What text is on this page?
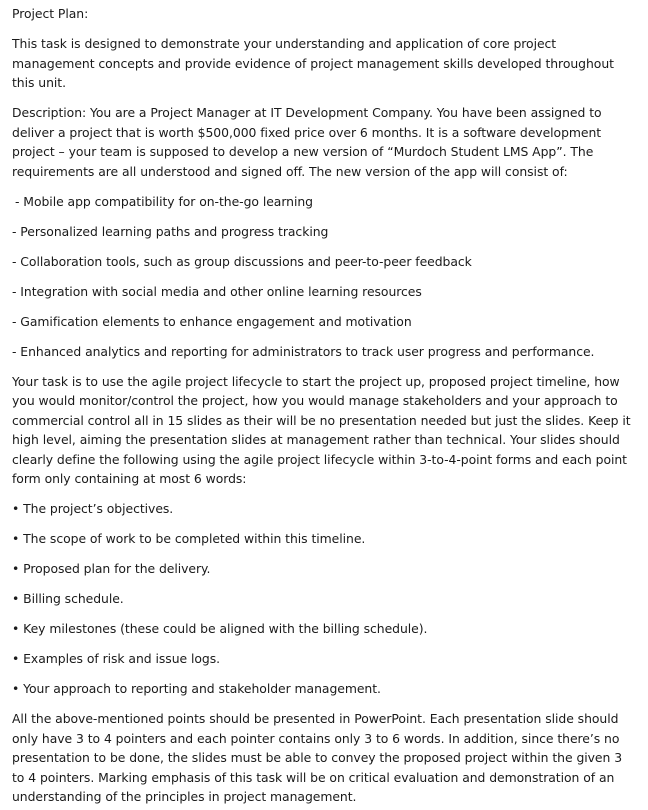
Project Plan:
This task is designed to demonstrate your understanding and application of core project
management concepts and provide evidence of project management skills developed throughout
this unit.
Description: You are a Project Manager at IT Development Company. You have been assigned to
deliver a project that is worth $500,000 fixed price over 6 months. It is a software development
project – your team is supposed to develop a new version of “Murdoch Student LMS App”. The
requirements are all understood and signed off. The new version of the app will consist of:
- Mobile app compatibility for on-the-go learning
- Personalized learning paths and progress tracking
- Collaboration tools, such as group discussions and peer-to-peer feedback
- Integration with social media and other online learning resources
- Gamification elements to enhance engagement and motivation
- Enhanced analytics and reporting for administrators to track user progress and performance.
Your task is to use the agile project lifecycle to start the project up, proposed project timeline, how
you would monitor/control the project, how you would manage stakeholders and your approach to
commercial control all in 15 slides as their will be no presentation needed but just the slides. Keep it
high level, aiming the presentation slides at management rather than technical. Your slides should
clearly define the following using the agile project lifecycle within 3-to-4-point forms and each point
form only containing at most 6 words:
• The project’s objectives.
• The scope of work to be completed within this timeline.
• Proposed plan for the delivery.
• Billing schedule.
• Key milestones (these could be aligned with the billing schedule).
• Examples of risk and issue logs.
• Your approach to reporting and stakeholder management.
All the above-mentioned points should be presented in PowerPoint. Each presentation slide should
only have 3 to 4 pointers and each pointer contains only 3 to 6 words. In addition, since there’s no
presentation to be done, the slides must be able to convey the proposed project within the given 3
to 4 pointers. Marking emphasis of this task will be on critical evaluation and demonstration of an
understanding of the principles in project management.
